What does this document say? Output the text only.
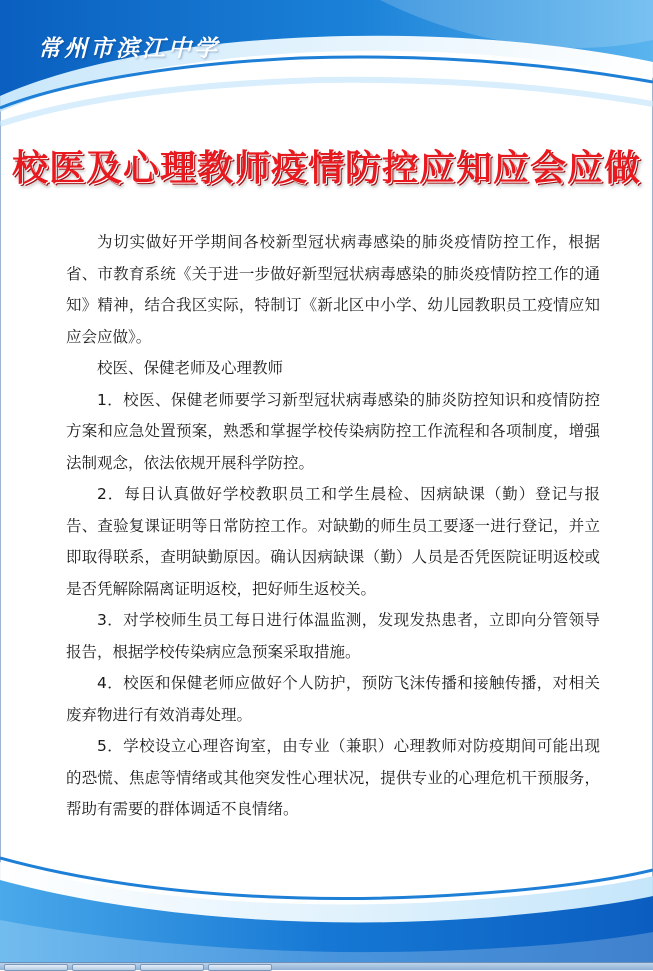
常州市滨江中学
校医及心理教师疫情防控应知应会应做

为切实做好开学期间各校新型冠状病毒感染的肺炎疫情防控工作，根据省、市教育系统《关于进一步做好新型冠状病毒感染的肺炎疫情防控工作的通知》精神，结合我区实际，特制订《新北区中小学、幼儿园教职员工疫情应知应会应做》。

校医、保健老师及心理教师

1．校医、保健老师要学习新型冠状病毒感染的肺炎防控知识和疫情防控方案和应急处置预案，熟悉和掌握学校传染病防控工作流程和各项制度，增强法制观念，依法依规开展科学防控。

2．每日认真做好学校教职员工和学生晨检、因病缺课（勤）登记与报告、查验复课证明等日常防控工作。对缺勤的师生员工要逐一进行登记，并立即取得联系，查明缺勤原因。确认因病缺课（勤）人员是否凭医院证明返校或是否凭解除隔离证明返校，把好师生返校关。

3．对学校师生员工每日进行体温监测，发现发热患者，立即向分管领导报告，根据学校传染病应急预案采取措施。

4．校医和保健老师应做好个人防护，预防飞沫传播和接触传播，对相关废弃物进行有效消毒处理。

5．学校设立心理咨询室，由专业（兼职）心理教师对防疫期间可能出现的恐慌、焦虑等情绪或其他突发性心理状况，提供专业的心理危机干预服务，帮助有需要的群体调适不良情绪。
